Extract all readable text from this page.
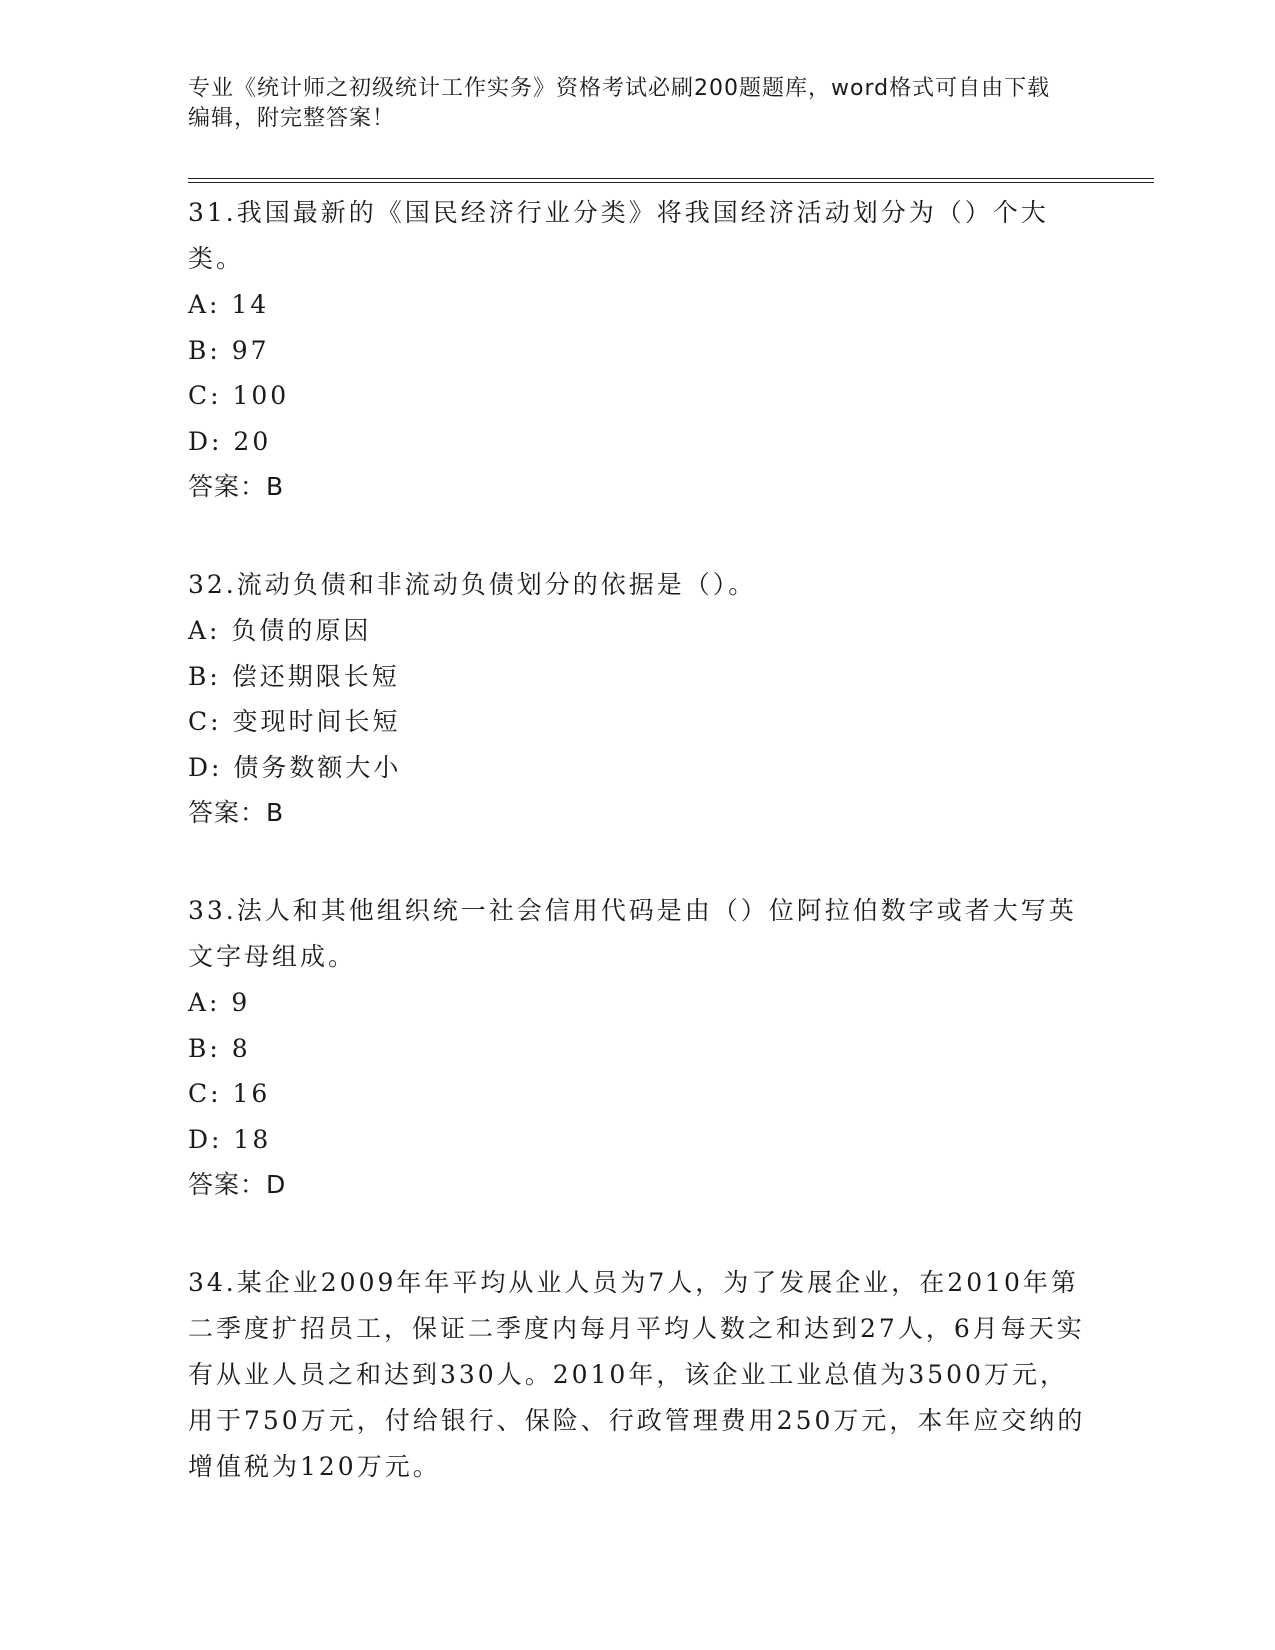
专业《统计师之初级统计工作实务》资格考试必刷200题题库，word格式可自由下载编辑，附完整答案！

31.我国最新的《国民经济行业分类》将我国经济活动划分为（）个大类。

A: 14

B: 97

C: 100

D: 20

答案：B

32.流动负债和非流动负债划分的依据是（）。

A: 负债的原因

B: 偿还期限长短

C: 变现时间长短

D: 债务数额大小

答案：B

33.法人和其他组织统一社会信用代码是由（）位阿拉伯数字或者大写英文字母组成。

A: 9

B: 8

C: 16

D: 18

答案：D

34.某企业2009年年平均从业人员为7人，为了发展企业，在2010年第二季度扩招员工，保证二季度内每月平均人数之和达到27人，6月每天实有从业人员之和达到330人。2010年，该企业工业总值为3500万元，用于750万元，付给银行、保险、行政管理费用250万元，本年应交纳的增值税为120万元。
